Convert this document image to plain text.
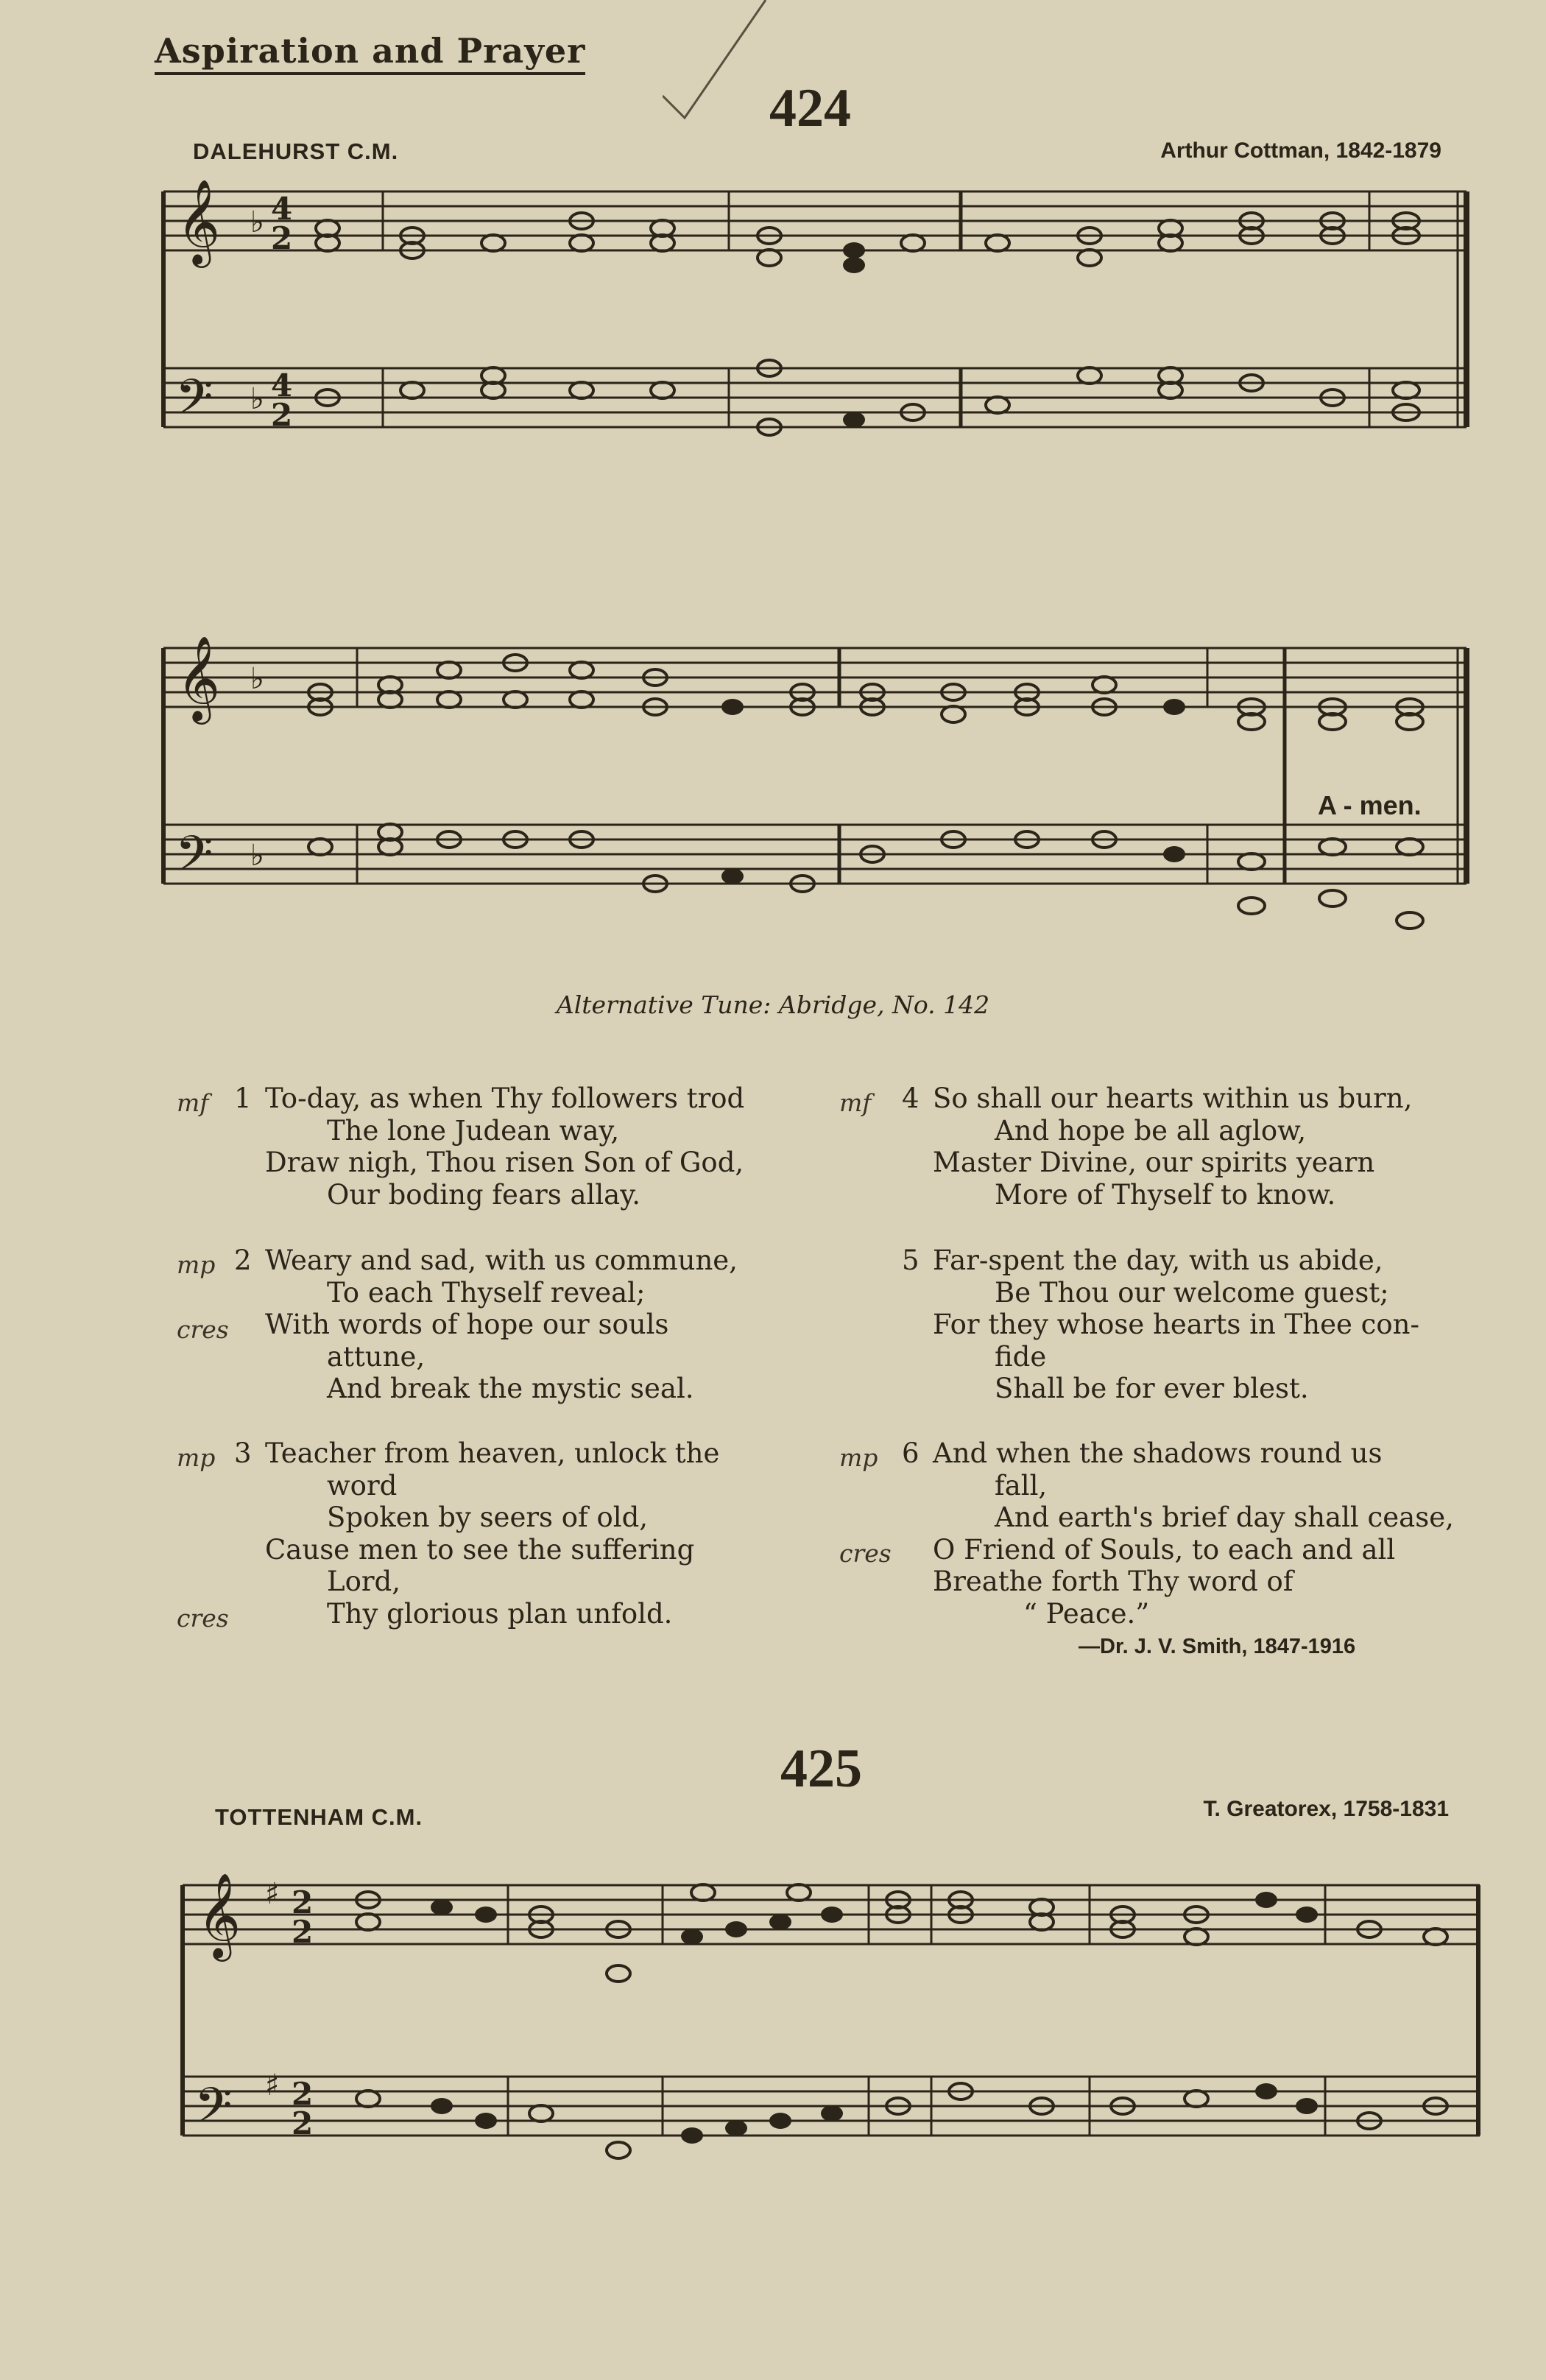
Aspiration and Prayer
424
DALEHURST C.M.	Arthur Cottman, 1842-1879
𝄞
𝄢
♭
♭
4
2
4
2
𝄞
𝄢
♭
♭
A - men.
Alternative Tune: Abridge, No. 142
mf 1 To-day, as when Thy followers trod
The lone Judean way,
Draw nigh, Thou risen Son of God,
Our boding fears allay.
mp
cres
2 Weary and sad, with us commune,
To each Thyself reveal;
With words of hope our souls
attune,
And break the mystic seal.
mp
cres
3 Teacher from heaven, unlock the
word
Spoken by seers of old,
Cause men to see the suffering
Lord,
Thy glorious plan unfold.
mf 4 So shall our hearts within us burn,
And hope be all aglow,
Master Divine, our spirits yearn
More of Thyself to know.
5 Far-spent the day, with us abide,
Be Thou our welcome guest;
For they whose hearts in Thee con-
fide
Shall be for ever blest.
mp
cres
6 And when the shadows round us
fall,
And earth's brief day shall cease,
O Friend of Souls, to each and all
Breathe forth Thy word of
“ Peace.”
—Dr. J. V. Smith, 1847-1916
425
TOTTENHAM C.M.	T. Greatorex, 1758-1831
𝄞
𝄢
♯
♯
2
2
2
2
